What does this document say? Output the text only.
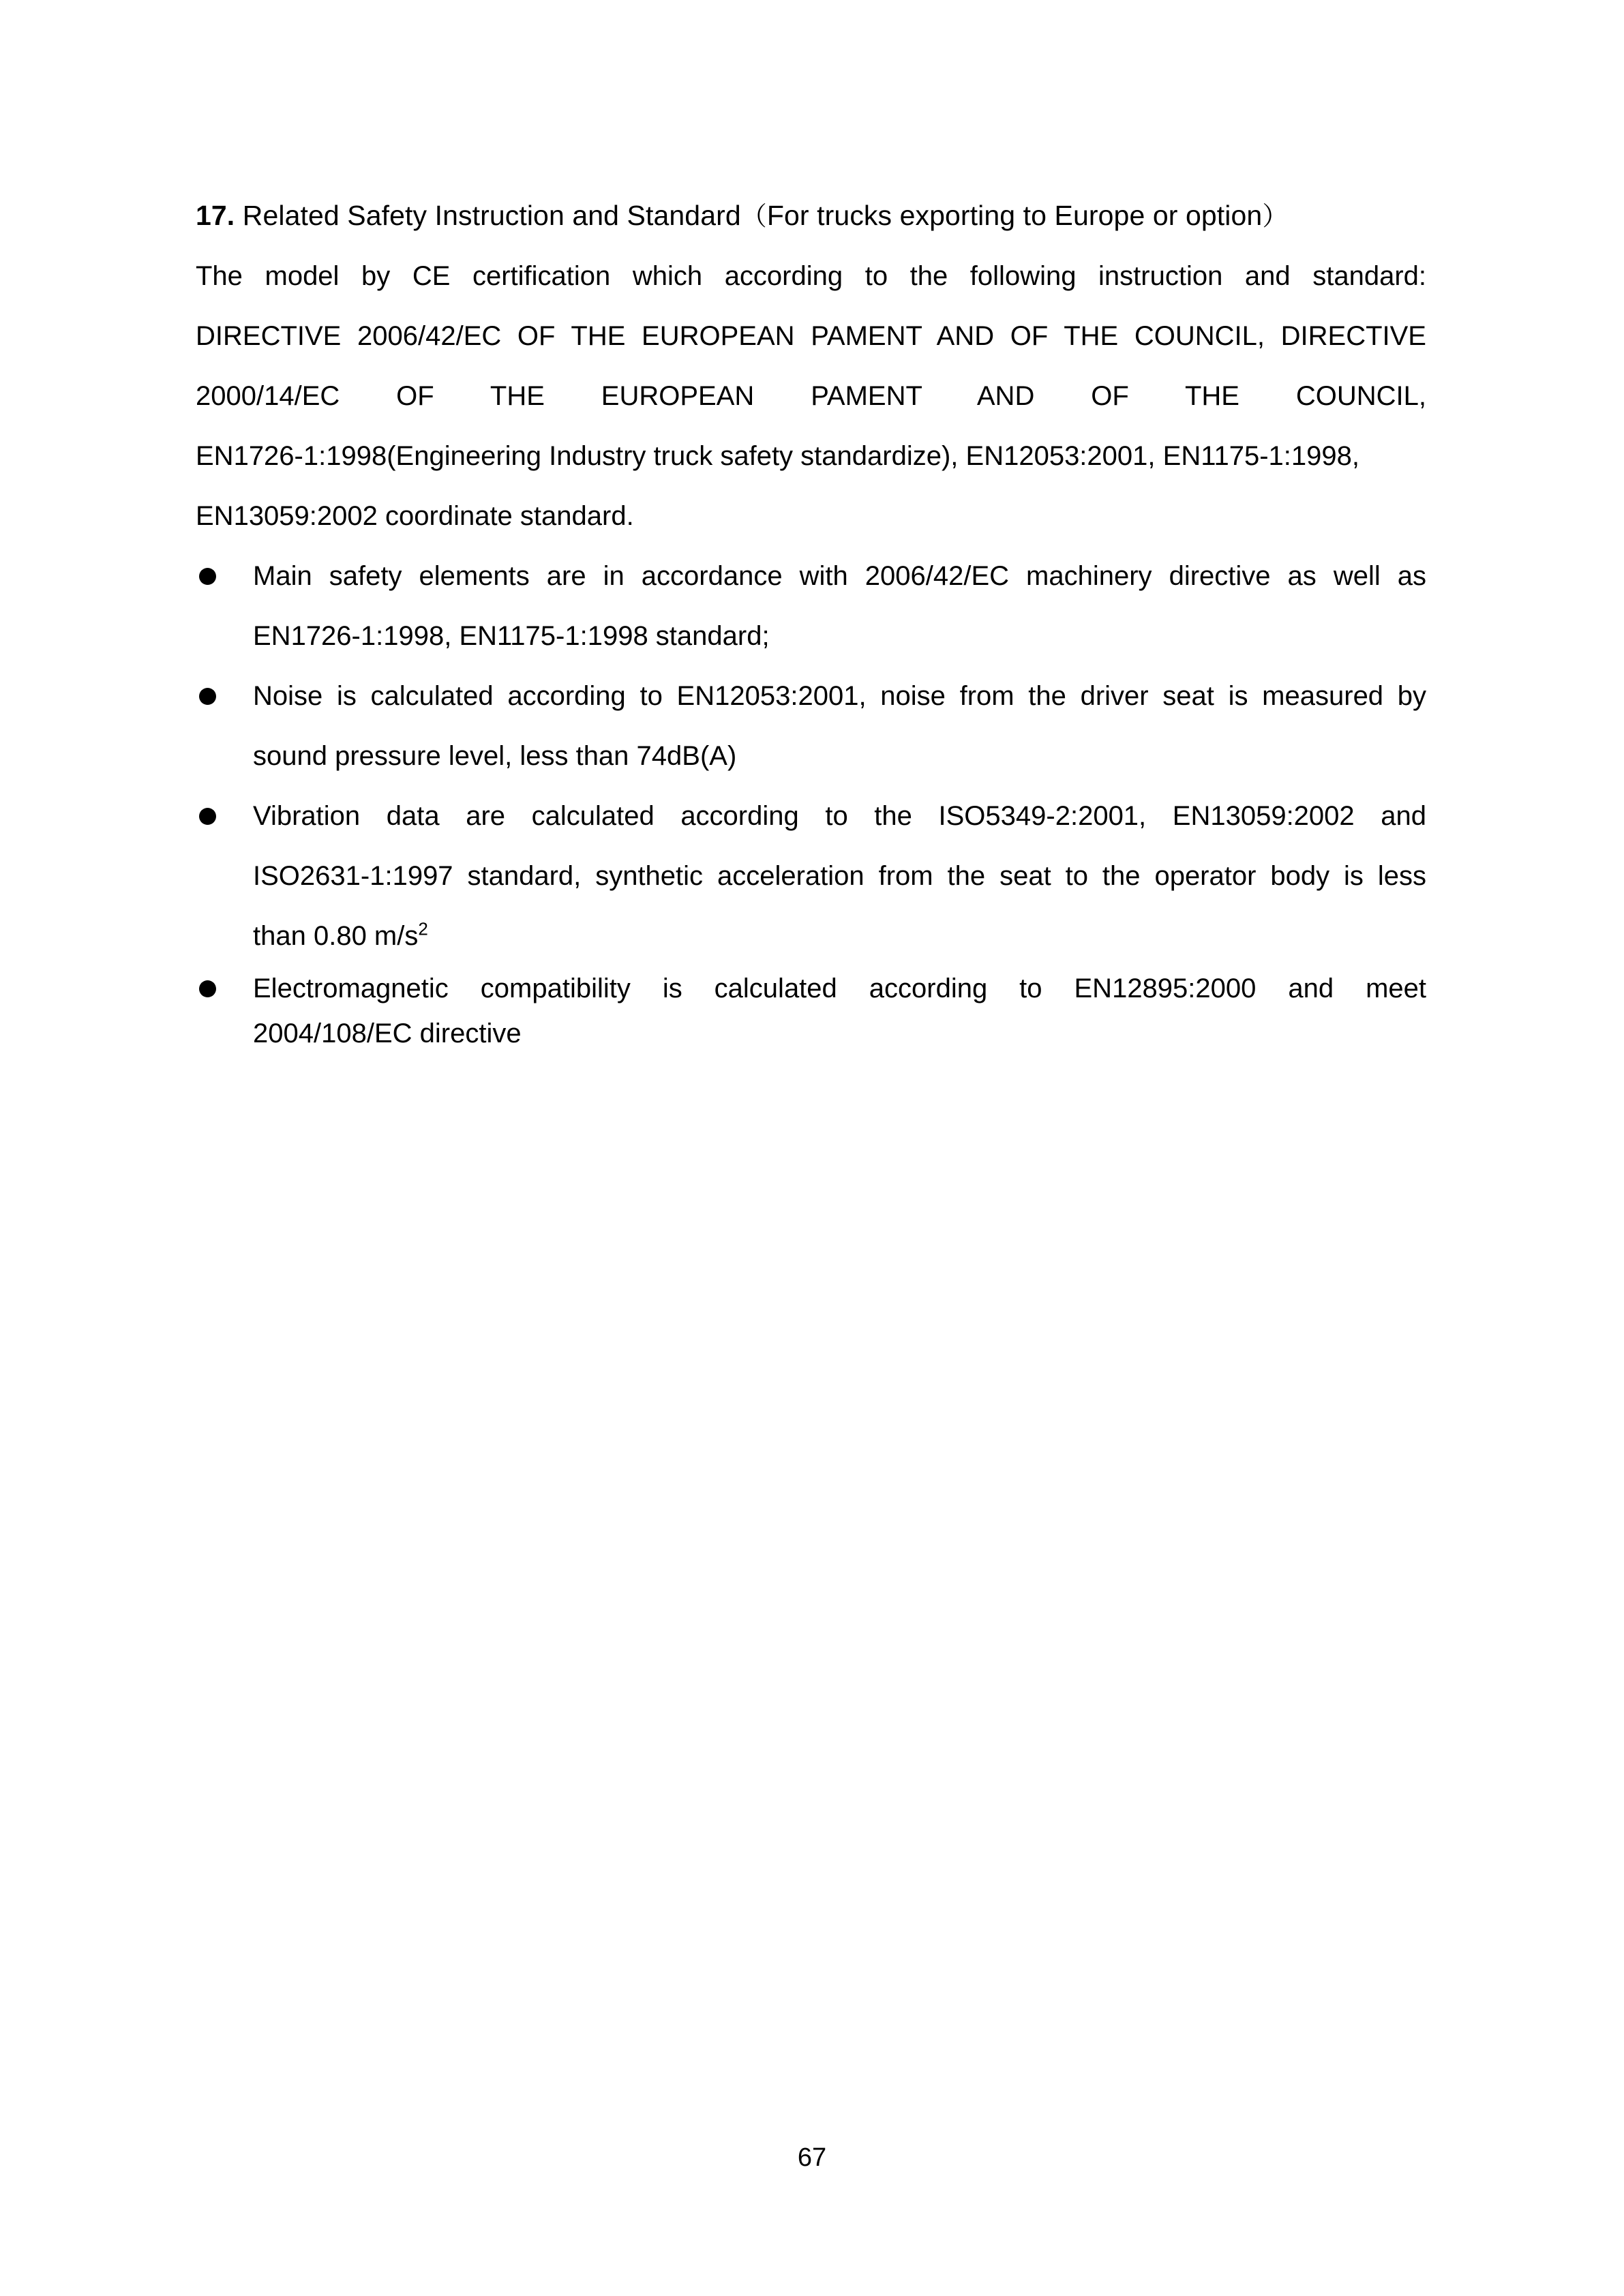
17. Related Safety Instruction and Standard（For trucks exporting to Europe or option）
The model by CE certification which according to the following instruction and standard:
DIRECTIVE 2006/42/EC OF THE EUROPEAN PAMENT AND OF THE COUNCIL, DIRECTIVE
2000/14/EC OF THE EUROPEAN PAMENT AND OF THE COUNCIL,
EN1726-1:1998(Engineering Industry truck safety standardize), EN12053:2001, EN1175-1:1998,
EN13059:2002 coordinate standard.
Main safety elements are in accordance with 2006/42/EC machinery directive as well as
EN1726-1:1998, EN1175-1:1998 standard;
Noise is calculated according to EN12053:2001, noise from the driver seat is measured by
sound pressure level, less than 74dB(A)
Vibration data are calculated according to the ISO5349-2:2001, EN13059:2002 and
ISO2631-1:1997 standard, synthetic acceleration from the seat to the operator body is less
than 0.80 $m/s^2$
Electromagnetic compatibility is calculated according to EN12895:2000 and meet
2004/108/EC directive
67
